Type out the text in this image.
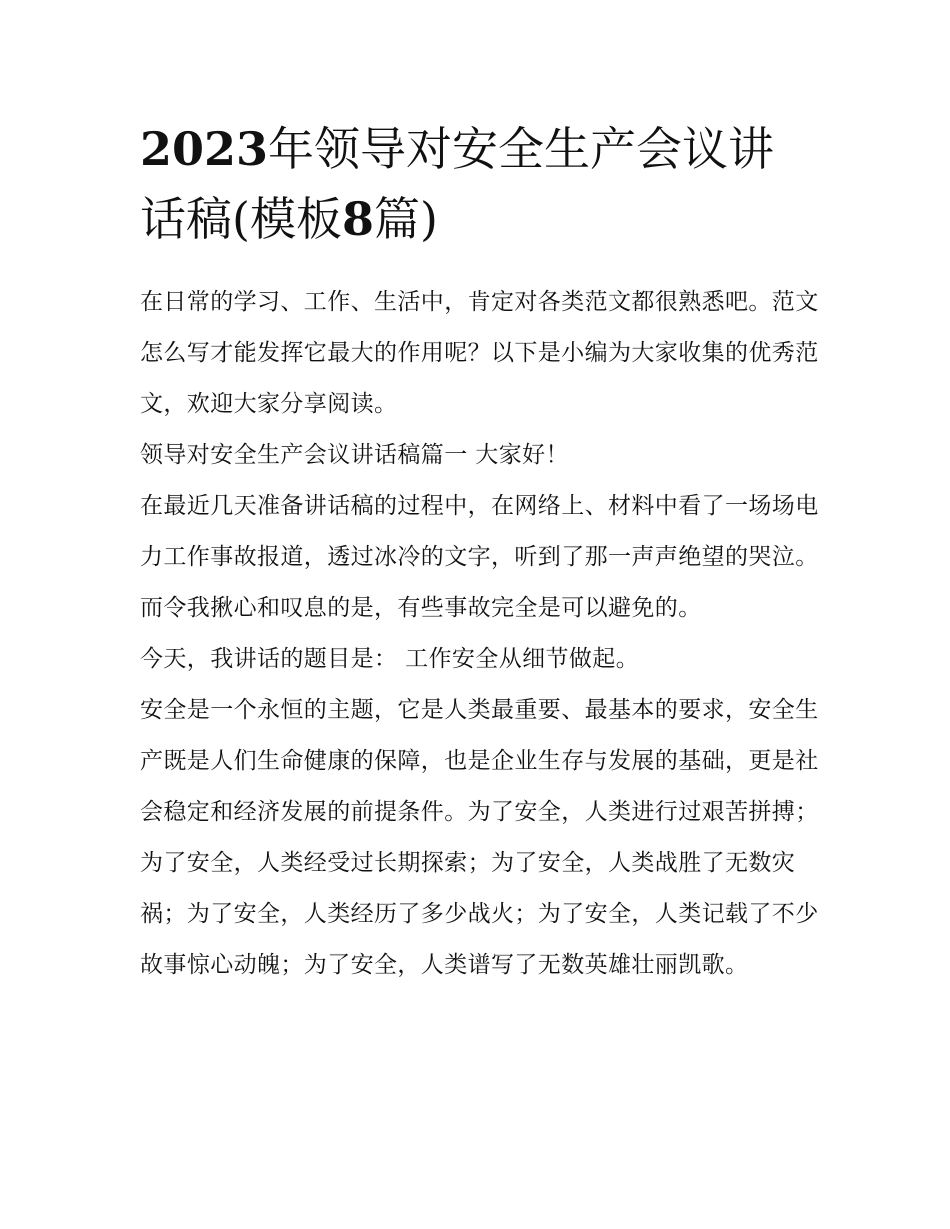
2023年领导对安全生产会议讲话稿(模板8篇)

在日常的学习、工作、生活中，肯定对各类范文都很熟悉吧。范文怎么写才能发挥它最大的作用呢？以下是小编为大家收集的优秀范文，欢迎大家分享阅读。

领导对安全生产会议讲话稿篇一 大家好！

在最近几天准备讲话稿的过程中，在网络上、材料中看了一场场电力工作事故报道，透过冰冷的文字，听到了那一声声绝望的哭泣。而令我揪心和叹息的是，有些事故完全是可以避免的。

今天，我讲话的题目是： 工作安全从细节做起。

安全是一个永恒的主题，它是人类最重要、最基本的要求，安全生产既是人们生命健康的保障，也是企业生存与发展的基础，更是社会稳定和经济发展的前提条件。为了安全，人类进行过艰苦拼搏；为了安全，人类经受过长期探索；为了安全，人类战胜了无数灾祸；为了安全，人类经历了多少战火；为了安全，人类记载了不少故事惊心动魄；为了安全，人类谱写了无数英雄壮丽凯歌。
